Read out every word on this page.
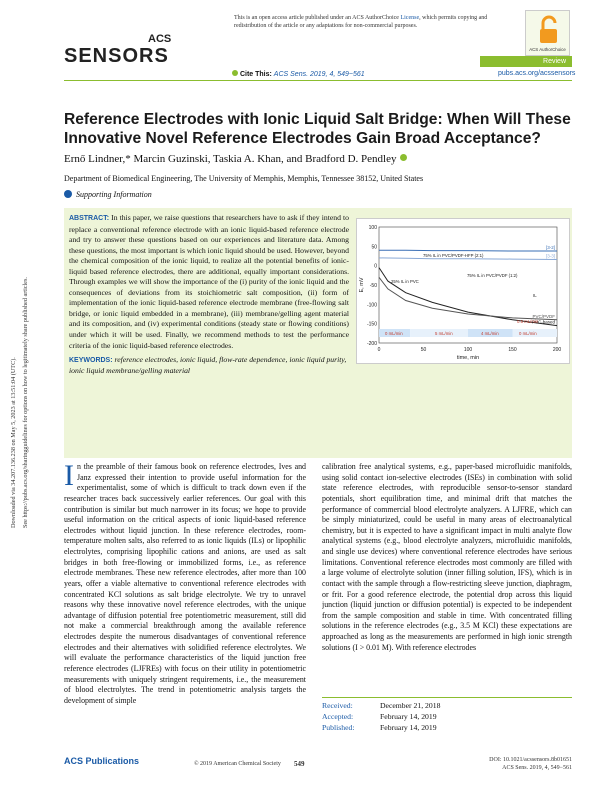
Downloaded via 34.207.136.238 on May 5, 2023 at 13:51:04 (UTC). See https://pubs.acs.org/sharingguidelines for options on how to legitimately share published articles.
ACS
SENSORS
This is an open access article published under an ACS AuthorChoice License, which permits copying and redistribution of the article or any adaptations for non-commercial purposes.
ACS AuthorChoice
Review
Cite This: ACS Sens. 2019, 4, 549−561	pubs.acs.org/acssensors
Reference Electrodes with Ionic Liquid Salt Bridge: When Will These Innovative Novel Reference Electrodes Gain Broad Acceptance?
Ernő Lindner,* Marcin Guzinski, Taskia A. Khan, and Bradford D. Pendley
Department of Biomedical Engineering, The University of Memphis, Memphis, Tennessee 38152, United States
Supporting Information
0	50	100	150	200
100
50
0
-50
-100
-150
-200
time, min
E, mV
[3-2]
[3-3]
PVC-based
PVC/PVDF
75% IL in PVC/PVDF-HFP (2:1)
75% IL in PVC/PVDF (1:2)
25% IL in PVC
IL
0 mL/min	5 mL/min	4 mL/min	0 mL/min
0.5 mL/min

ABSTRACT: In this paper, we raise questions that researchers have to ask if they intend to replace a conventional reference electrode with an ionic liquid-based reference electrode and try to answer these questions based on our experiences and literature data. Among these questions, the most important is which ionic liquid should be used. However, beyond the chemical composition of the ionic liquid, to realize all the potential benefits of ionic-liquid based reference electrodes, there are additional, equally important considerations. Through examples we will show the importance of the (i) purity of the ionic liquid and the consequences of deviations from its stoichiometric salt composition, (ii) form of implementation of the ionic liquid-based reference electrode membrane (free-flowing salt bridge, or ionic liquid embedded in a membrane), (iii) membrane/gelling agent material and its composition, and (iv) experimental conditions (steady state or flowing conditions) under which it will be used. Finally, we recommend methods to test the performance criteria of the ionic liquid-based reference electrodes.

KEYWORDS: reference electrodes, ionic liquid, flow-rate dependence, ionic liquid purity, ionic liquid membrane/gelling material

I n the preamble of their famous book on reference electrodes, Ives and Janz expressed their intention to provide useful information for the experimentalist, some of which is difficult to track down even if the researcher traces back successively earlier references. Our goal with this contribution is similar but much narrower in its focus; we hope to provide useful information on the critical aspects of ionic liquid-based reference electrodes without liquid junction. In these reference electrodes, room-temperature molten salts, also referred to as ionic liquids (ILs) or lipophilic electrolytes, comprising lipophilic cations and anions, are used as salt bridges in both free-flowing or immobilized forms, i.e., as reference electrode membranes. These new reference electrodes, after more than 100 years, offer a viable alternative to conventional reference electrodes with concentrated KCl solutions as salt bridge electrolyte. We try to unravel reasons why these innovative novel reference electrodes, with the unique advantage of diffusion potential free potentiometric measurement, still did not make a commercial breakthrough among the available reference electrodes despite the numerous disadvantages of conventional reference electrodes and their alternatives with solidified reference electrolytes. We will evaluate the performance characteristics of the liquid junction free reference electrodes (LJFREs) with focus on their utility in potentiometric measurements with uniquely stringent requirements, i.e., the measurement of blood electrolytes. The trend in potentiometric analysis targets the development of simple
calibration free analytical systems, e.g., paper-based microfluidic manifolds, using solid contact ion-selective electrodes (ISEs) in combination with solid state reference electrodes, with reproducible sensor-to-sensor standard potentials, short equilibration time, and minimal drift that matches the performance of commercial blood electrolyte analyzers. A LJFRE, which can be simply miniaturized, could be useful in many areas of electroanalytical chemistry, but it is expected to have a significant impact in multi analyte flow analytical systems (e.g., blood electrolyte analyzers, microfluidic manifolds, and single use devices) where conventional reference electrodes have serious limitations. Conventional reference electrodes most commonly are filled with a large volume of electrolyte solution (inner filling solution, IFS), which is in contact with the sample through a flow-restricting sleeve junction, diaphragm, or frit. For a good reference electrode, the potential drop across this liquid junction (liquid junction or diffusion potential) is expected to be independent from the sample composition and stable in time. With concentrated filling solutions in the reference electrodes (e.g., 3.5 M KCl) these expectations are approached as long as the measurements are performed in high ionic strength solutions (I > 0.01 M). With reference electrodes
Received:	December 21, 2018
Accepted:	February 14, 2019
Published:	February 14, 2019
ACS Publications	© 2019 American Chemical Society 549	DOI: 10.1021/acssensors.8b01651
ACS Sens. 2019, 4, 549−561
